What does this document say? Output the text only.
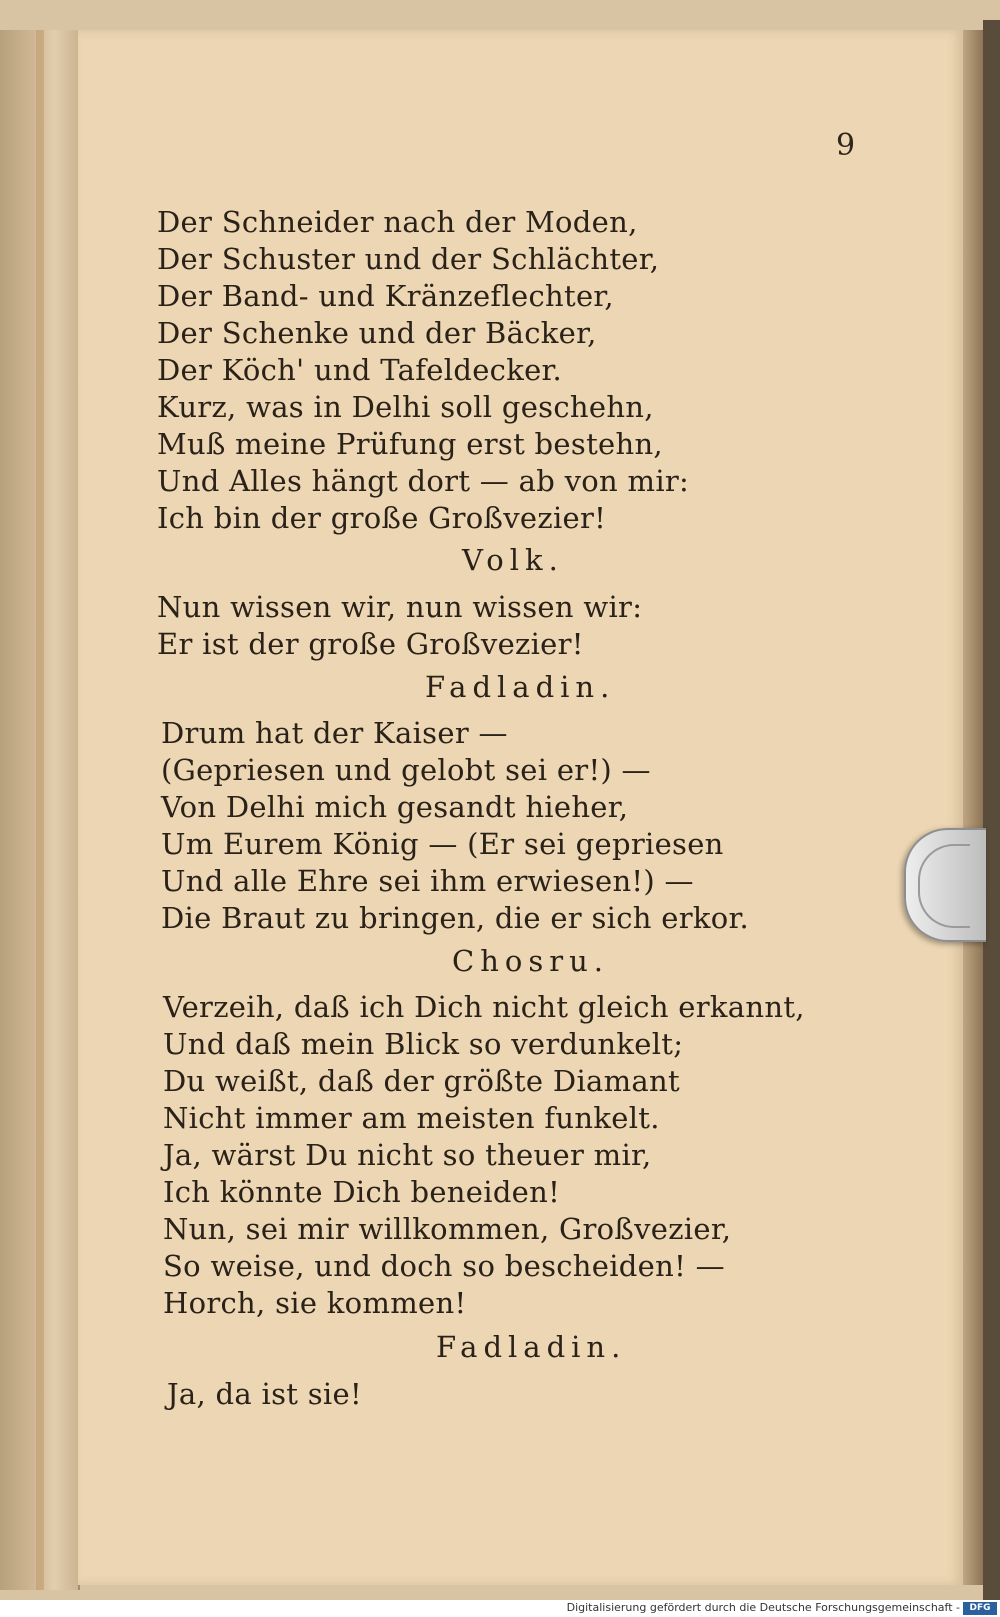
9
Der Schneider nach der Moden,
Der Schuster und der Schlächter,
Der Band- und Kränzeflechter,
Der Schenke und der Bäcker,
Der Köch' und Tafeldecker.
Kurz, was in Delhi soll geschehn,
Muß meine Prüfung erst bestehn,
Und Alles hängt dort — ab von mir:
Ich bin der große Großvezier!
Volk.
Nun wissen wir, nun wissen wir:
Er ist der große Großvezier!
Fadladin.
Drum hat der Kaiser —
(Gepriesen und gelobt sei er!) —
Von Delhi mich gesandt hieher,
Um Eurem König — (Er sei gepriesen
Und alle Ehre sei ihm erwiesen!) —
Die Braut zu bringen, die er sich erkor.
Chosru.
Verzeih, daß ich Dich nicht gleich erkannt,
Und daß mein Blick so verdunkelt;
Du weißt, daß der größte Diamant
Nicht immer am meisten funkelt.
Ja, wärst Du nicht so theuer mir,
Ich könnte Dich beneiden!
Nun, sei mir willkommen, Großvezier,
So weise, und doch so bescheiden! —
Horch, sie kommen!
Fadladin.
Ja, da ist sie!
Digitalisierung gefördert durch die Deutsche Forschungsgemeinschaft -	DFG
